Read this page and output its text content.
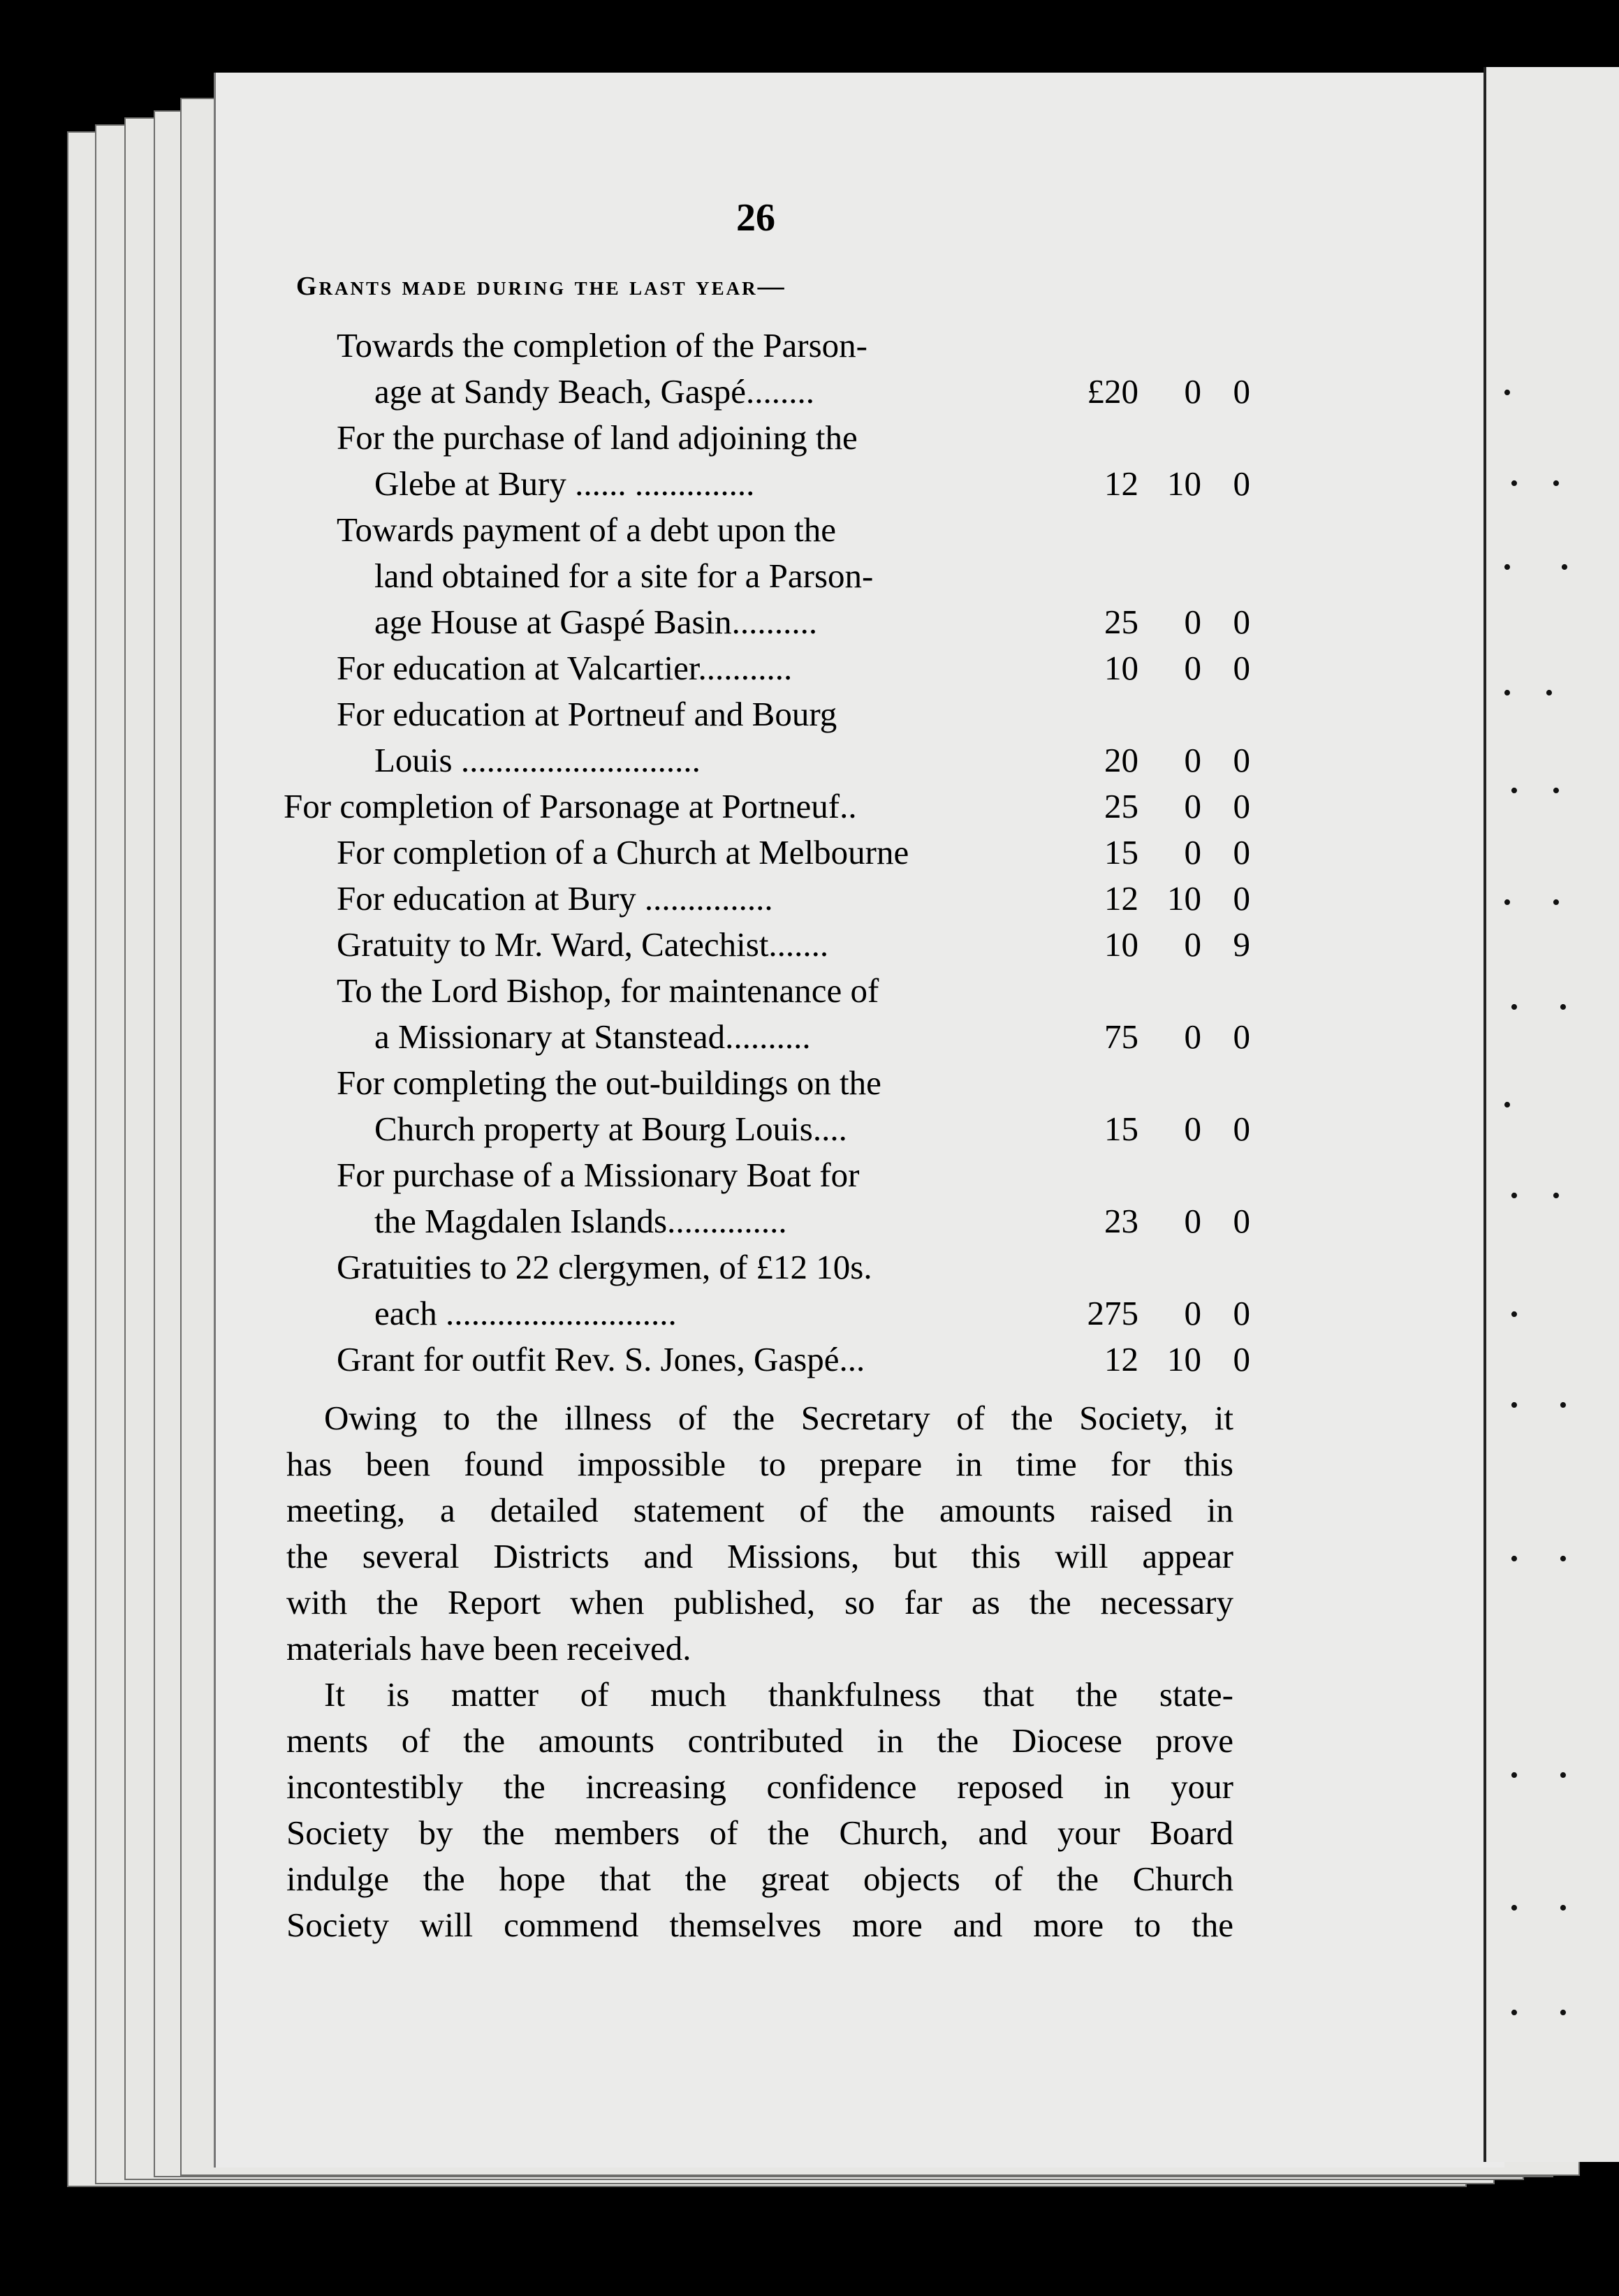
•
• •
• •
• •
• •
• •
• •
•
• •
•
• •
• •
• •
• •
• •
26
Grants made during the last year—
Towards the completion of the Parson-
age at Sandy Beach, Gaspé........	£20	0 0
For the purchase of land adjoining the
Glebe at Bury ...... ..............	12 10 0
Towards payment of a debt upon the
land obtained for a site for a Parson-
age House at Gaspé Basin..........	25	0 0
For education at Valcartier...........	10	0 0
For education at Portneuf and Bourg
Louis ............................	20	0 0
For completion of Parsonage at Portneuf..	25	0 0
For completion of a Church at Melbourne	15	0 0
For education at Bury ...............	12 10 0
Gratuity to Mr. Ward, Catechist.......	10	0 9
To the Lord Bishop, for maintenance of
a Missionary at Stanstead..........	75	0 0
For completing the out-buildings on the
Church property at Bourg Louis....	15	0 0
For purchase of a Missionary Boat for
the Magdalen Islands..............	23	0 0
Gratuities to 22 clergymen, of £12 10s.
each ...........................	275	0 0
Grant for outfit Rev. S. Jones, Gaspé...	12 10 0
Owing to the illness of the Secretary of the Society, it
has been found impossible to prepare in time for this
meeting, a detailed statement of the amounts raised in
the several Districts and Missions, but this will appear
with the Report when published, so far as the necessary
materials have been received.
It is matter of much thankfulness that the state-
ments of the amounts contributed in the Diocese prove
incontestibly the increasing confidence reposed in your
Society by the members of the Church, and your Board
indulge the hope that the great objects of the Church
Society will commend themselves more and more to the
